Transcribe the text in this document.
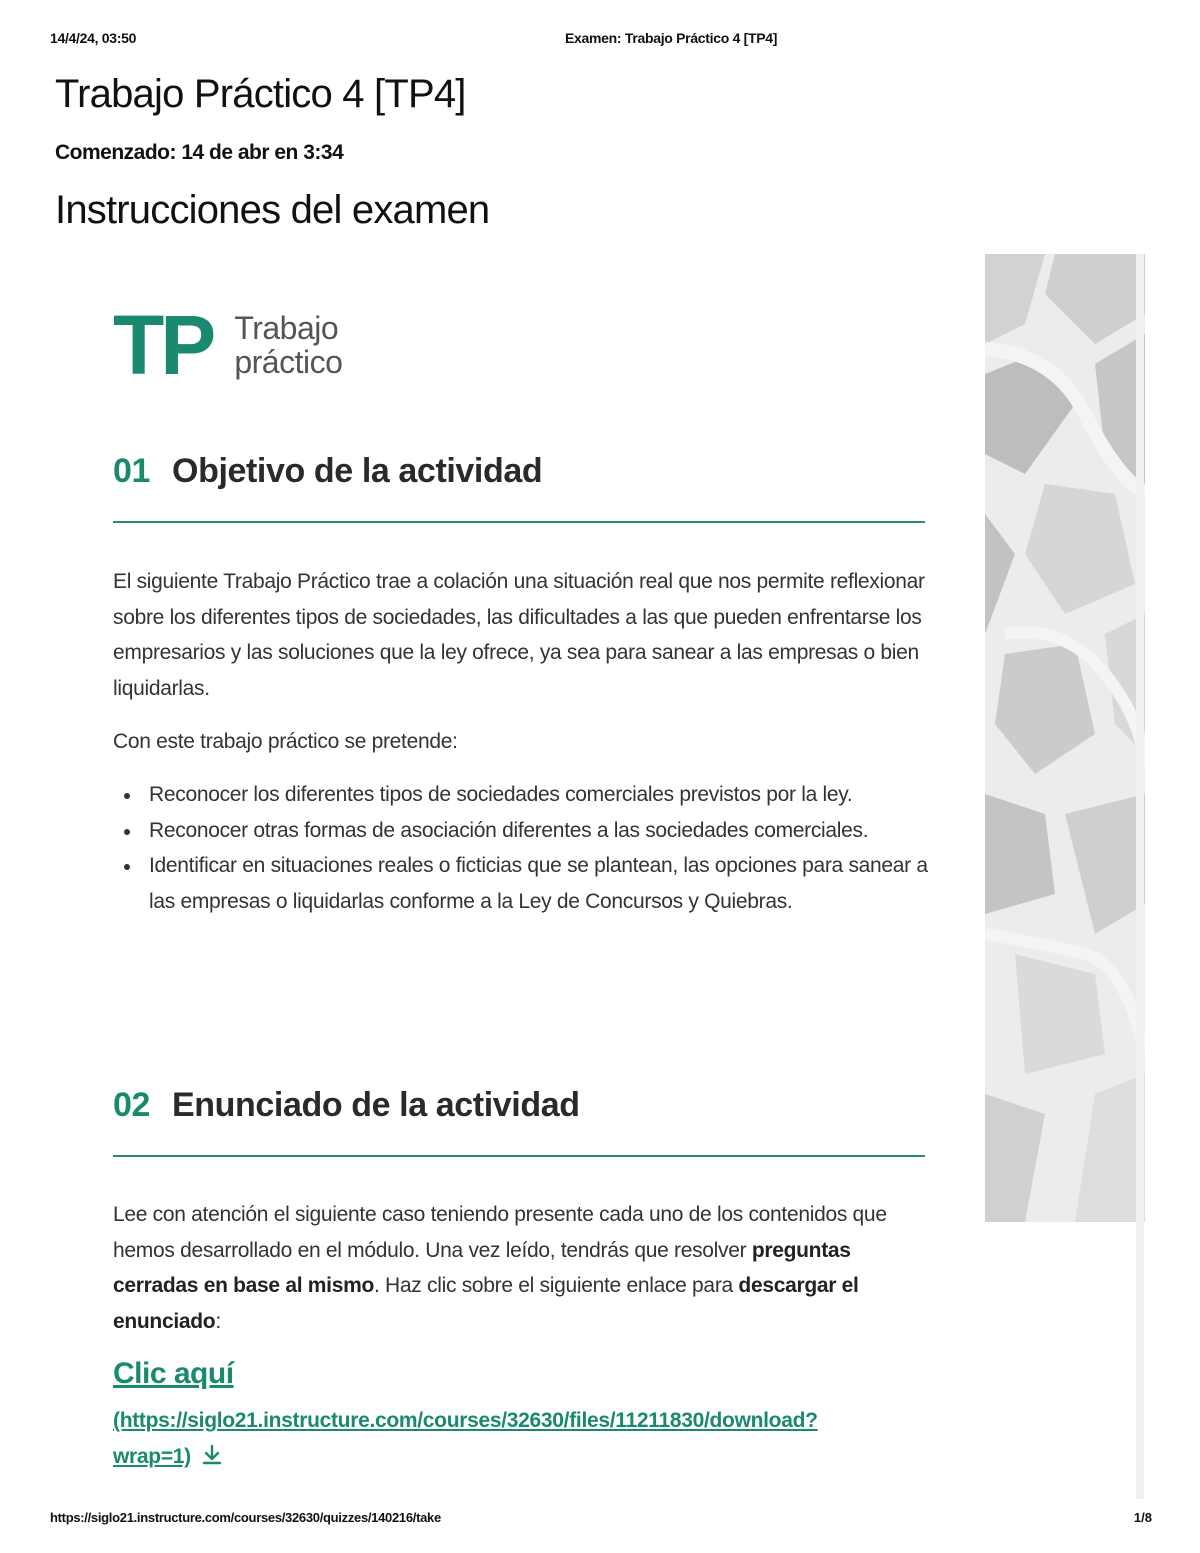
14/4/24, 03:50	Examen: Trabajo Práctico 4 [TP4]
Trabajo Práctico 4 [TP4]
Comenzado: 14 de abr en 3:34
Instrucciones del examen
TP Trabajo
práctico
01 Objetivo de la actividad

El siguiente Trabajo Práctico trae a colación una situación real que nos permite reflexionar sobre los diferentes tipos de sociedades, las dificultades a las que pueden enfrentarse los empresarios y las soluciones que la ley ofrece, ya sea para sanear a las empresas o bien liquidarlas.

Con este trabajo práctico se pretende:

Reconocer los diferentes tipos de sociedades comerciales previstos por la ley.
Reconocer otras formas de asociación diferentes a las sociedades comerciales.
Identificar en situaciones reales o ficticias que se plantean, las opciones para sanear a las empresas o liquidarlas conforme a la Ley de Concursos y Quiebras.
02 Enunciado de la actividad

Lee con atención el siguiente caso teniendo presente cada uno de los contenidos que hemos desarrollado en el módulo. Una vez leído, tendrás que resolver preguntas cerradas en base al mismo. Haz clic sobre el siguiente enlace para descargar el enunciado:

Clic aquí
(https://siglo21.instructure.com/courses/32630/files/11211830/download?wrap=1)
https://siglo21.instructure.com/courses/32630/quizzes/140216/take	1/8
